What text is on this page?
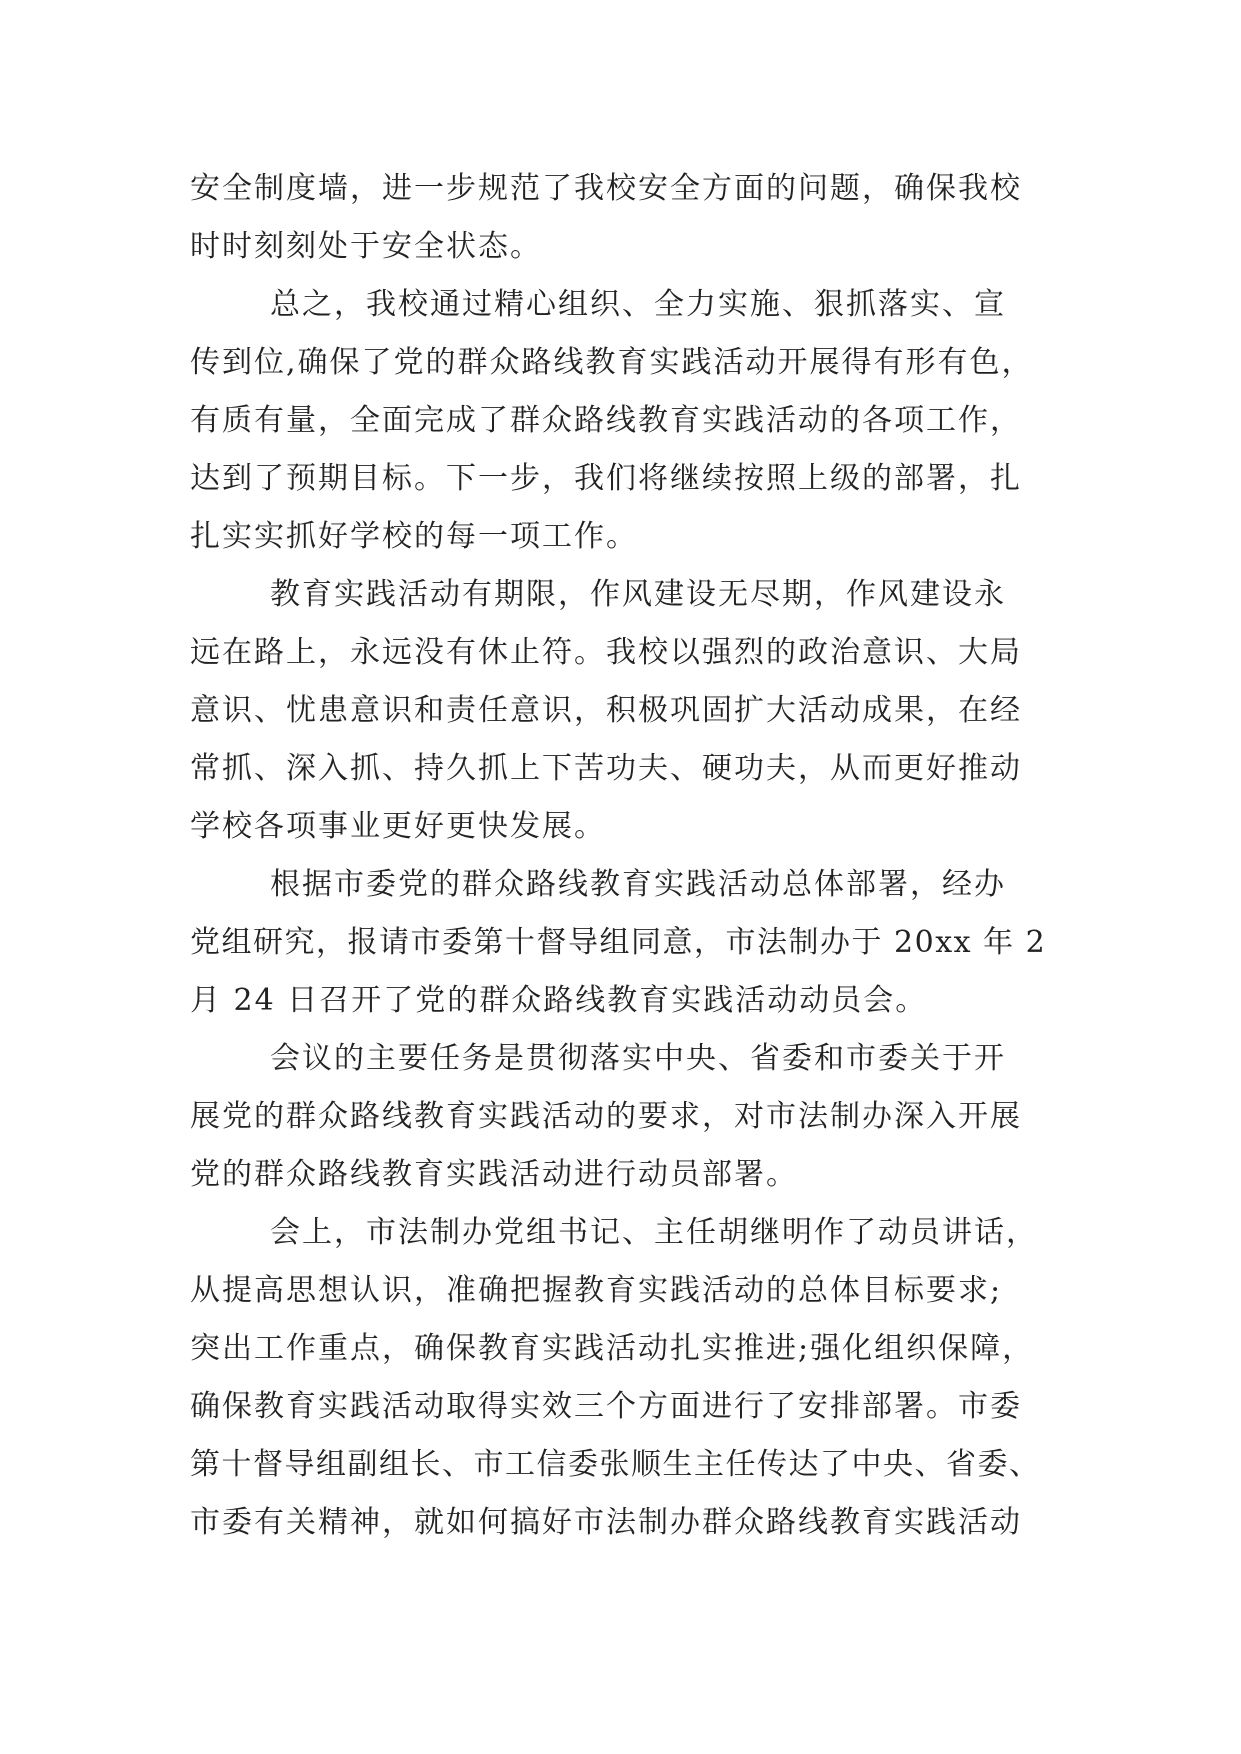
安全制度墙，进一步规范了我校安全方面的问题，确保我校
时时刻刻处于安全状态。
总之，我校通过精心组织、全力实施、狠抓落实、宣
传到位,确保了党的群众路线教育实践活动开展得有形有色，
有质有量，全面完成了群众路线教育实践活动的各项工作，
达到了预期目标。下一步，我们将继续按照上级的部署，扎
扎实实抓好学校的每一项工作。
教育实践活动有期限，作风建设无尽期，作风建设永
远在路上，永远没有休止符。我校以强烈的政治意识、大局
意识、忧患意识和责任意识，积极巩固扩大活动成果，在经
常抓、深入抓、持久抓上下苦功夫、硬功夫，从而更好推动
学校各项事业更好更快发展。
根据市委党的群众路线教育实践活动总体部署，经办
党组研究，报请市委第十督导组同意，市法制办于 20xx 年 2
月 24 日召开了党的群众路线教育实践活动动员会。
会议的主要任务是贯彻落实中央、省委和市委关于开
展党的群众路线教育实践活动的要求，对市法制办深入开展
党的群众路线教育实践活动进行动员部署。
会上，市法制办党组书记、主任胡继明作了动员讲话，
从提高思想认识，准确把握教育实践活动的总体目标要求;
突出工作重点，确保教育实践活动扎实推进;强化组织保障，
确保教育实践活动取得实效三个方面进行了安排部署。市委
第十督导组副组长、市工信委张顺生主任传达了中央、省委、
市委有关精神，就如何搞好市法制办群众路线教育实践活动
